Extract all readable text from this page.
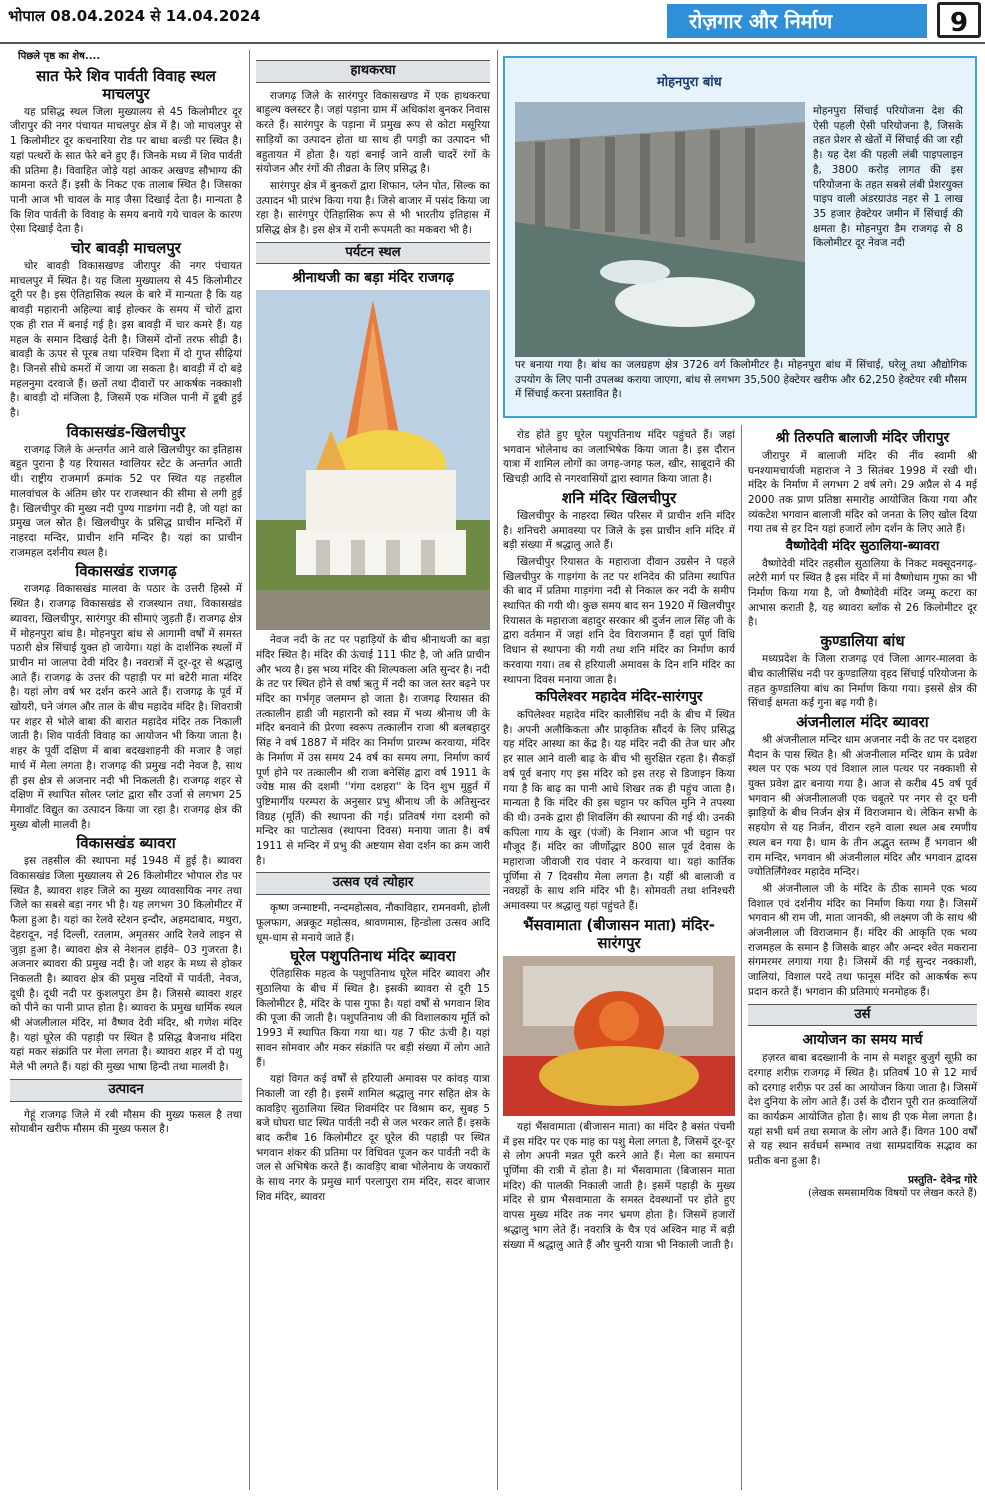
भोपाल 08.04.2024 से 14.04.2024	रोज़गार और निर्माण	9
पिछले पृष्ठ का शेष....
सात फेरे शिव पार्वती विवाह स्थल माचलपुर

यह प्रसिद्ध स्थल जिला मुख्यालय से 45 किलोमीटर दूर जीरापुर की नगर पंचायत माचलपुर क्षेत्र में है। जो माचलपुर से 1 किलोमीटर दूर कचनारिया रोड पर बाधा बल्डी पर स्थित है। यहां पत्थरों के सात फेरे बने हुए हैं। जिनके मध्य में शिव पार्वती की प्रतिमा है। विवाहित जोड़े यहां आकर अखण्ड सौभाग्य की कामना करते हैं। इसी के निकट एक तालाब स्थित है। जिसका पानी आज भी चावल के माड़ जैसा दिखाई देता है। मान्यता है कि शिव पार्वती के विवाह के समय बनाये गये चावल के कारण ऐसा दिखाई देता है।

चोर बावड़ी माचलपुर

चोर बावड़ी विकासखण्ड जीरापुर की नगर पंचायत माचलपुर में स्थित है। यह जिला मुख्यालय से 45 किलोमीटर दूरी पर है। इस ऐतिहासिक स्थल के बारे में मान्यता है कि यह बावड़ी महारानी अहिल्या बाई होल्कर के समय में चोरों द्वारा एक ही रात में बनाई गई है। इस बावड़ी में चार कमरे हैं। यह महल के समान दिखाई देती है। जिसमें दोनों तरफ सीढ़ी है। बावड़ी के ऊपर से पूरब तथा पश्चिम दिशा में दो गुप्त सीढ़ियां है। जिनसे सीधे कमरों में जाया जा सकता है। बावड़ी में दो बड़े महलनुमा दरवाजे हैं। छतों तथा दीवारों पर आकर्षक नक्काशी है। बावड़ी दो मंजिला है, जिसमें एक मंजिल पानी में डूबी हुई है।

विकासखंड-खिलचीपुर

राजगढ़ जिले के अन्तर्गत आने वाले खिलचीपुर का इतिहास बहुत पुराना है यह रियासत ग्वालियर स्टेट के अन्तर्गत आती थी। राष्ट्रीय राजमार्ग क्रमांक 52 पर स्थित यह तहसील मालवांचल के अंतिम छोर पर राजस्थान की सीमा से लगी हुई है। खिलचीपुर की मुख्य नदी पुण्य गाडगंगा नदी है, जो यहां का प्रमुख जल स्रोत है। खिलचीपुर के प्रसिद्ध प्राचीन मन्दिरों में नाहरदा मन्दिर, प्राचीन शनि मन्दिर है। यहां का प्राचीन राजमहल दर्शनीय स्थल है।

विकासखंड राजगढ़

राजगढ़ विकासखंड मालवा के पठार के उत्तरी हिस्से में स्थित है। राजगढ़ विकासखंड से राजस्थान तथा, विकासखंड ब्यावरा, खिलचीपुर, सारंगपुर की सीमाएं जुड़ती हैं। राजगढ़ क्षेत्र में मोहनपुरा बांध है। मोहनपुरा बांध से आगामी वर्षों में समस्त पठारी क्षेत्र सिंचाई युक्त हो जायेगा। यहां के दार्शनिक स्थलों में प्राचीन मां जालपा देवी मंदिर है। नवरात्रों में दूर-दूर से श्रद्धालु आते हैं। राजगढ़ के उत्तर की पहाड़ी पर मां बटेरी माता मंदिर है। यहां लोग वर्ष भर दर्शन करने आते हैं। राजगढ़ के पूर्व में खोयरी, घने जंगल और ताल के बीच महादेव मंदिर है। शिवरात्री पर शहर से भोले बाबा की बारात महादेव मंदिर तक निकाली जाती है। शिव पार्वती विवाह का आयोजन भी किया जाता है। शहर के पूर्वी दक्षिण में बाबा बदखशाहनी की मजार है जहां मार्च में मेला लगता है। राजगढ़ की प्रमुख नदी नेवज है, साथ ही इस क्षेत्र से अजनार नदी भी निकलती है। राजगढ़ शहर से दक्षिण में स्थापित सोलर प्लांट द्वारा सौर उर्जा से लगभग 25 मेगावॉट विद्युत का उत्पादन किया जा रहा है। राजगढ़ क्षेत्र की मुख्य बोली मालवी है।

विकासखंड ब्यावरा

इस तहसील की स्थापना मई 1948 में हुई है। ब्यावरा विकासखंड जिला मुख्यालय से 26 किलोमीटर भोपाल रोड पर स्थित है, ब्यावरा शहर जिले का मुख्य व्यावसायिक नगर तथा जिले का सबसे बड़ा नगर भी है। यह लगभग 30 किलोमीटर में फैला हुआ है। यहां का रेलवे स्टेशन इन्दौर, अहमदाबाद, मथुरा, देहरादून, नई दिल्ली, रतलाम, अमृतसर आदि रेलवे लाइन से जुड़ा हुआ है। ब्यावरा क्षेत्र से नेशनल हाईवे– 03 गुजरता है। अजनार ब्यावरा की प्रमुख नदी है। जो शहर के मध्य से होकर निकलती है। ब्यावरा क्षेत्र की प्रमुख नदियों में पार्वती, नेवज, दूधी है। दूधी नदी पर कुशलपुरा डेम है। जिससे ब्यावरा शहर को पीने का पानी प्राप्त होता है। ब्यावरा के प्रमुख धार्मिक स्थल श्री अंजलीलाल मंदिर, मां वैष्णव देवी मंदिर, श्री गणेश मंदिर है। यहां घूरेल की पहाड़ी पर स्थित है प्रसिद्ध बैजनाथ मंदिरा यहां मकर संक्रांति पर मेला लगता है। ब्यावरा शहर में दो पशु मेले भी लगते हैं। यहां की मुख्य भाषा हिन्दी तथा मालवी है।

उत्पादन

गेहूं राजगढ़ जिले में रबी मौसम की मुख्य फसल है तथा सोयाबीन खरीफ मौसम की मुख्य फसल है।

हाथकरघा

राजगढ़ जिले के सारंगपुर विकासखण्ड में एक हाथकरघा बाहुल्य क्लस्टर है। जहां पड़ाना ग्राम में अधिकांश बुनकर निवास करते हैं। सारंगपुर के पड़ाना में प्रमुख रूप से कोटा मसूरिया साड़ियों का उत्पादन होता था साथ ही पगड़ी का उत्पादन भी बहुतायत में होता है। यहां बनाई जाने वाली चादरें रंगों के संयोजन और रंगों की तीव्रता के लिए प्रसिद्ध है।

सारंगपुर क्षेत्र में बुनकरों द्वारा शिफान, प्लेन पोत, सिल्क का उत्पादन भी प्रारंभ किया गया है। जिसे बाजार में पसंद किया जा रहा है। सारंगपुर ऐतिहासिक रूप से भी भारतीय इतिहास में प्रसिद्ध क्षेत्र है। इस क्षेत्र में रानी रूपमती का मकबरा भी है।

पर्यटन स्थल
श्रीनाथजी का बड़ा मंदिर राजगढ़

नेवज नदी के तट पर पहाड़ियों के बीच श्रीनाथजी का बड़ा मंदिर स्थित है। मंदिर की ऊंचाई 111 फीट है, जो अति प्राचीन और भव्य है। इस भव्य मंदिर की शिल्पकला अति सुन्दर है। नदी के तट पर स्थित होने से वर्षा ऋतु में नदी का जल स्तर बढ़ने पर मंदिर का गर्भगृह जलमग्न हो जाता है। राजगढ़ रियासत की तत्कालीन हाडी जी महारानी को स्वप्न में भव्य श्रीनाथ जी के मंदिर बनवाने की प्रेरणा स्वरूप तत्कालीन राजा श्री बलबहादुर सिंह ने वर्ष 1887 में मंदिर का निर्माण प्रारम्भ करवाया, मंदिर के निर्माण में उस समय 24 वर्ष का समय लगा, निर्माण कार्य पूर्ण होने पर तत्कालीन श्री राजा बनेसिंह द्वारा वर्ष 1911 के ज्येष्ठ मास की दशमी ''गंगा दशहरा'' के दिन शुभ मुहुर्त में पुष्टिमार्गीय परम्परा के अनुसार प्रभु श्रीनाथ जी के अतिसुन्दर विग्रह (मूर्ति) की स्थापना की गई। प्रतिवर्ष गंगा दशमी को मन्दिर का पाटोत्सव (स्थापना दिवस) मनाया जाता है। वर्ष 1911 से मन्दिर में प्रभु की अष्टयाम सेवा दर्शन का क्रम जारी है।

उत्सव एवं त्योहार

कृष्ण जन्माष्टमी, नन्दमहोत्सव, नौकाविहार, रामनवमी, होली फूलफाग, अन्नकूट महोत्सव, श्रावणमास, हिन्डोला उत्सव आदि धूम-धाम से मनाये जाते हैं।

घूरेल पशुपतिनाथ मंदिर ब्यावरा

ऐतिहासिक महत्व के पशुपतिनाथ घूरेल मंदिर ब्यावरा और सुठालिया के बीच में स्थित है। इसकी ब्यावरा से दूरी 15 किलोमीटर है, मंदिर के पास गुफा है। यहां वर्षों से भगवान शिव की पूजा की जाती है। पशुपतिनाथ जी की विशालकाय मूर्ति को 1993 में स्थापित किया गया था। यह 7 फीट ऊंची है। यहां सावन सोमवार और मकर संक्रांति पर बड़ी संख्या में लोग आते हैं।

यहां विगत कई वर्षों से हरियाली अमावस पर कांवड़ यात्रा निकाली जा रही है। इसमें शामिल श्रद्धालु नगर सहित क्षेत्र के कावड़िए सुठालिया स्थित शिवमंदिर पर विश्राम कर, सुबह 5 बजे घोघरा घाट स्थित पार्वती नदी से जल भरकर लाते हैं। इसके बाद करीब 16 किलोमीटर दूर घूरेल की पहाड़ी पर स्थित भगवान शंकर की प्रतिमा पर विधिवत पूजन कर पार्वती नदी के जल से अभिषेक करते हैं। कावड़िए बाबा भोलेनाथ के जयकारों के साथ नगर के प्रमुख मार्ग परलापुरा राम मंदिर, सदर बाजार शिव मंदिर, ब्यावरा

मोहनपुरा बांध
मोहनपुरा सिंचाई परियोजना देश की ऐसी पहली ऐसी परियोजना है, जिसके तहत प्रेशर से खेतों में सिंचाई की जा रही है। यह देश की पहली लंबी पाइपलाइन है, 3800 करोड़ लागत की इस परियोजना के तहत सबसे लंबी प्रेशरयुक्त पाइप वाली अंडरग्राउंड नहर से 1 लाख 35 हजार हेक्टेयर जमीन में सिंचाई की क्षमता है। मोहनपुरा डैम राजगढ़ से 8 किलोमीटर दूर नेवज नदी
पर बनाया गया है। बांध का जलग्रहण क्षेत्र 3726 वर्ग किलोमीटर है। मोहनपुरा बांध में सिंचाई, घरेलू तथा औद्योगिक उपयोग के लिए पानी उपलब्ध कराया जाएगा, बांध से लगभग 35,500 हेक्टेयर खरीफ और 62,250 हेक्टेयर रबी मौसम में सिंचाई करना प्रस्तावित है।

रोड होते हुए घूरेल पशुपतिनाथ मंदिर पहुंचते हैं। जहां भगवान भोलेनाथ का जलाभिषेक किया जाता है। इस दौरान यात्रा में शामिल लोगों का जगह-जगह फल, खीर, साबूदाने की खिचड़ी आदि से नगरवासियों द्वारा स्वागत किया जाता है।

शनि मंदिर खिलचीपुर

खिलचीपुर के नाहरदा स्थित परिसर में प्राचीन शनि मंदिर है। शनिचरी अमावस्या पर जिले के इस प्राचीन शनि मंदिर में बड़ी संख्या में श्रद्धालु आते हैं।

खिलचीपुर रियासत के महाराजा दीवान उग्रसेन ने पहले खिलचीपुर के गाड़गंगा के तट पर शनिदेव की प्रतिमा स्थापित की बाद में प्रतिमा गाड़गंगा नदी से निकाल कर नदी के समीप स्थापित की गयी थी। कुछ समय बाद सन 1920 में खिलचीपुर रियासत के महाराजा बहादुर सरकार श्री दुर्जन लाल सिंह जी के द्वारा वर्तमान में जहां शनि देव विराजमान हैं वहां पूर्ण विधि विधान से स्थापना की गयी तथा शनि मंदिर का निर्माण कार्य करवाया गया। तब से हरियाली अमावस के दिन शनि मंदिर का स्थापना दिवस मनाया जाता है।

कपिलेश्वर महादेव मंदिर-सारंगपुर

कपिलेश्वर महादेव मंदिर कालीसिंध नदी के बीच में स्थित है। अपनी अलौकिकता और प्राकृतिक सौंदर्य के लिए प्रसिद्ध यह मंदिर आस्था का केंद्र है। यह मंदिर नदी की तेज धार और हर साल आने वाली बाढ़ के बीच भी सुरक्षित रहता है। सैकड़ों वर्ष पूर्व बनाए गए इस मंदिर को इस तरह से डिजाइन किया गया है कि बाढ़ का पानी आधे शिखर तक ही पहुंच जाता है। मान्यता है कि मंदिर की इस चट्टान पर कपिल मुनि ने तपस्या की थी। उनके द्वारा ही शिवलिंग की स्थापना की गई थी। उनकी कपिला गाय के खुर (पंजों) के निशान आज भी चट्टान पर मौजूद हैं। मंदिर का जीर्णोद्धार 800 साल पूर्व देवास के महाराजा जीवाजी राव पंवार ने करवाया था। यहां कार्तिक पूर्णिमा से 7 दिवसीय मेला लगता है। यहीं श्री बालाजी व नवग्रहों के साथ शनि मंदिर भी है। सोमवती तथा शनिश्चरी अमावस्या पर श्रद्धालु यहां पहुंचते हैं।

भैंसवामाता (बीजासन माता) मंदिर-सारंगपुर

यहां भैंसवामाता (बीजासन माता) का मंदिर है बसंत पंचमी में इस मंदिर पर एक माह का पशु मेला लगता है, जिसमें दूर-दूर से लोग अपनी मन्नत पूरी करने आते हैं। मेला का समापन पूर्णिमा की रात्री में होता है। मां भैंसवामाता (बिजासन माता मंदिर) की पालकी निकाली जाती है। इसमें पहाड़ी के मुख्य मंदिर से ग्राम भैसवामाता के समस्त देवस्थानों पर होते हुए वापस मुख्य मंदिर तक नगर भ्रमण होता है। जिसमें हजारों श्रद्धालु भाग लेते हैं। नवरात्रि के चैत्र एवं अश्विन माह में बड़ी संख्या में श्रद्धालु आते हैं और चुनरी यात्रा भी निकाली जाती है।

श्री तिरुपति बालाजी मंदिर जीरापुर

जीरापुर में बालाजी मंदिर की नींव स्वामी श्री घनश्यामचार्यजी महाराज ने 3 सितंबर 1998 में रखी थी। मंदिर के निर्माण में लगभग 2 वर्ष लगे। 29 अप्रैल से 4 मई 2000 तक प्राण प्रतिष्ठा समारोह आयोजित किया गया और व्यंकटेश भगवान बालाजी मंदिर को जनता के लिए खोल दिया गया तब से हर दिन यहां हजारों लोग दर्शन के लिए आते हैं।

वैष्णोदेवी मंदिर सुठालिया-ब्यावरा

वैष्णोदेवी मंदिर तहसील सुठालिया के निकट मक्सूदनगढ़-लटेरी मार्ग पर स्थित है इस मंदिर में मां वैष्णोधाम गुफा का भी निर्माण किया गया है, जो वैष्णोदेवी मंदिर जम्मू कटरा का आभास कराती है, यह ब्यावरा ब्लॉक से 26 किलोमीटर दूर है।

कुण्डालिया बांध

मध्यप्रदेश के जिला राजगढ़ एवं जिला आगर-मालवा के बीच कालीसिंध नदी पर कुण्डालिया वृहद सिंचाई परियोजना के तहत कुण्डालिया बांध का निर्माण किया गया। इससे क्षेत्र की सिंचाई क्षमता कई गुना बढ़ गयी है।

अंजनीलाल मंदिर ब्यावरा

श्री अंजनीलाल मन्दिर धाम अजनार नदी के तट पर दशहरा मैदान के पास स्थित है। श्री अंजनीलाल मन्दिर धाम के प्रवेश स्थल पर एक भव्य एवं विशाल लाल पत्थर पर नक्काशी से युक्त प्रवेश द्वार बनाया गया है। आज से करीब 45 वर्ष पूर्व भगवान श्री अंजनीलालजी एक चबूतरे पर नगर से दूर घनी झाड़ियों के बीच निर्जन क्षेत्र में विराजमान थे। लेकिन सभी के सहयोग से यह निर्जन, वीरान रहने वाला स्थल अब रमणीय स्थल बन गया है। धाम के तीन अद्भुत स्तम्भ हैं भगवान श्री राम मन्दिर, भगवान श्री अंजनीलाल मंदिर और भगवान द्वादस ज्योतिर्लिंगेश्वर महादेव मन्दिर।

श्री अंजनीलाल जी के मंदिर के ठीक सामने एक भव्य विशाल एवं दर्शनीय मंदिर का निर्माण किया गया है। जिसमें भगवान श्री राम जी, माता जानकी, श्री लक्ष्मण जी के साथ श्री अंजनीलाल जी विराजमान हैं। मंदिर की आकृति एक भव्य राजमहल के समान है जिसके बाहर और अन्दर श्वेत मकराना संगमरमर लगाया गया है। जिसमें की गई सुन्दर नक्काशी, जालियां, विशाल परदे तथा फानूस मंदिर को आकर्षक रूप प्रदान करते हैं। भगवान की प्रतिमाएं मनमोहक हैं।

उर्स
आयोजन का समय मार्च

हज़रत बाबा बदख्शानी के नाम से मशहूर बुजुर्ग सूफ़ी का दरगाह शरीफ़ राजगढ़ में स्थित है। प्रतिवर्ष 10 से 12 मार्च को दरगाह शरीफ़ पर उर्स का आयोजन किया जाता है। जिसमें देश दुनिया के लोग आते हैं। उर्स के दौरान पूरी रात क़व्वालियों का कार्यक्रम आयोजित होता है। साथ ही एक मेला लगता है। यहां सभी धर्म तथा समाज के लोग आते हैं। विगत 100 वर्षों से यह स्थान सर्वधर्म सम्भाव तथा साम्प्रदायिक सद्भाव का प्रतीक बना हुआ है।

प्रस्तुति- देवेन्द्र गोरे
(लेखक समसामयिक विषयों पर लेखन करते हैं)
